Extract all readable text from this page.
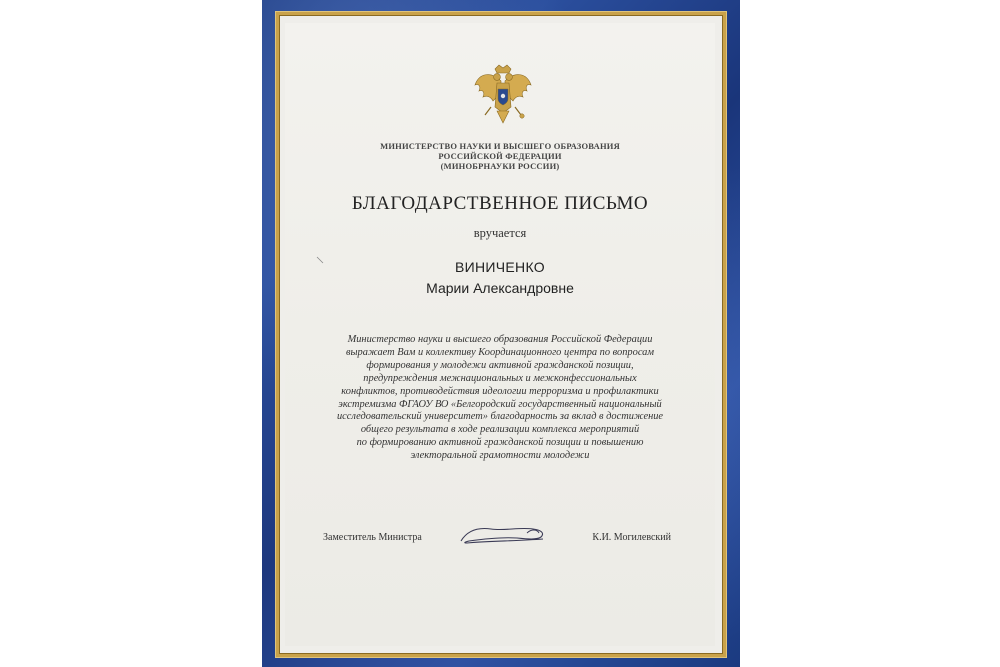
МИНИСТЕРСТВО НАУКИ И ВЫСШЕГО ОБРАЗОВАНИЯ
РОССИЙСКОЙ ФЕДЕРАЦИИ
(МИНОБРНАУКИ РОССИИ)
БЛАГОДАРСТВЕННОЕ ПИСЬМО
вручается
ВИНИЧЕНКО
Марии Александровне
Министерство науки и высшего образования Российской Федерации
выражает Вам и коллективу Координационного центра по вопросам
формирования у молодежи активной гражданской позиции,
предупреждения межнациональных и межконфессиональных
конфликтов, противодействия идеологии терроризма и профилактики
экстремизма ФГАОУ ВО «Белгородский государственный национальный
исследовательский университет» благодарность за вклад в достижение
общего результата в ходе реализации комплекса мероприятий
по формированию активной гражданской позиции и повышению
электоральной грамотности молодежи
Заместитель Министра	К.И. Могилевский
